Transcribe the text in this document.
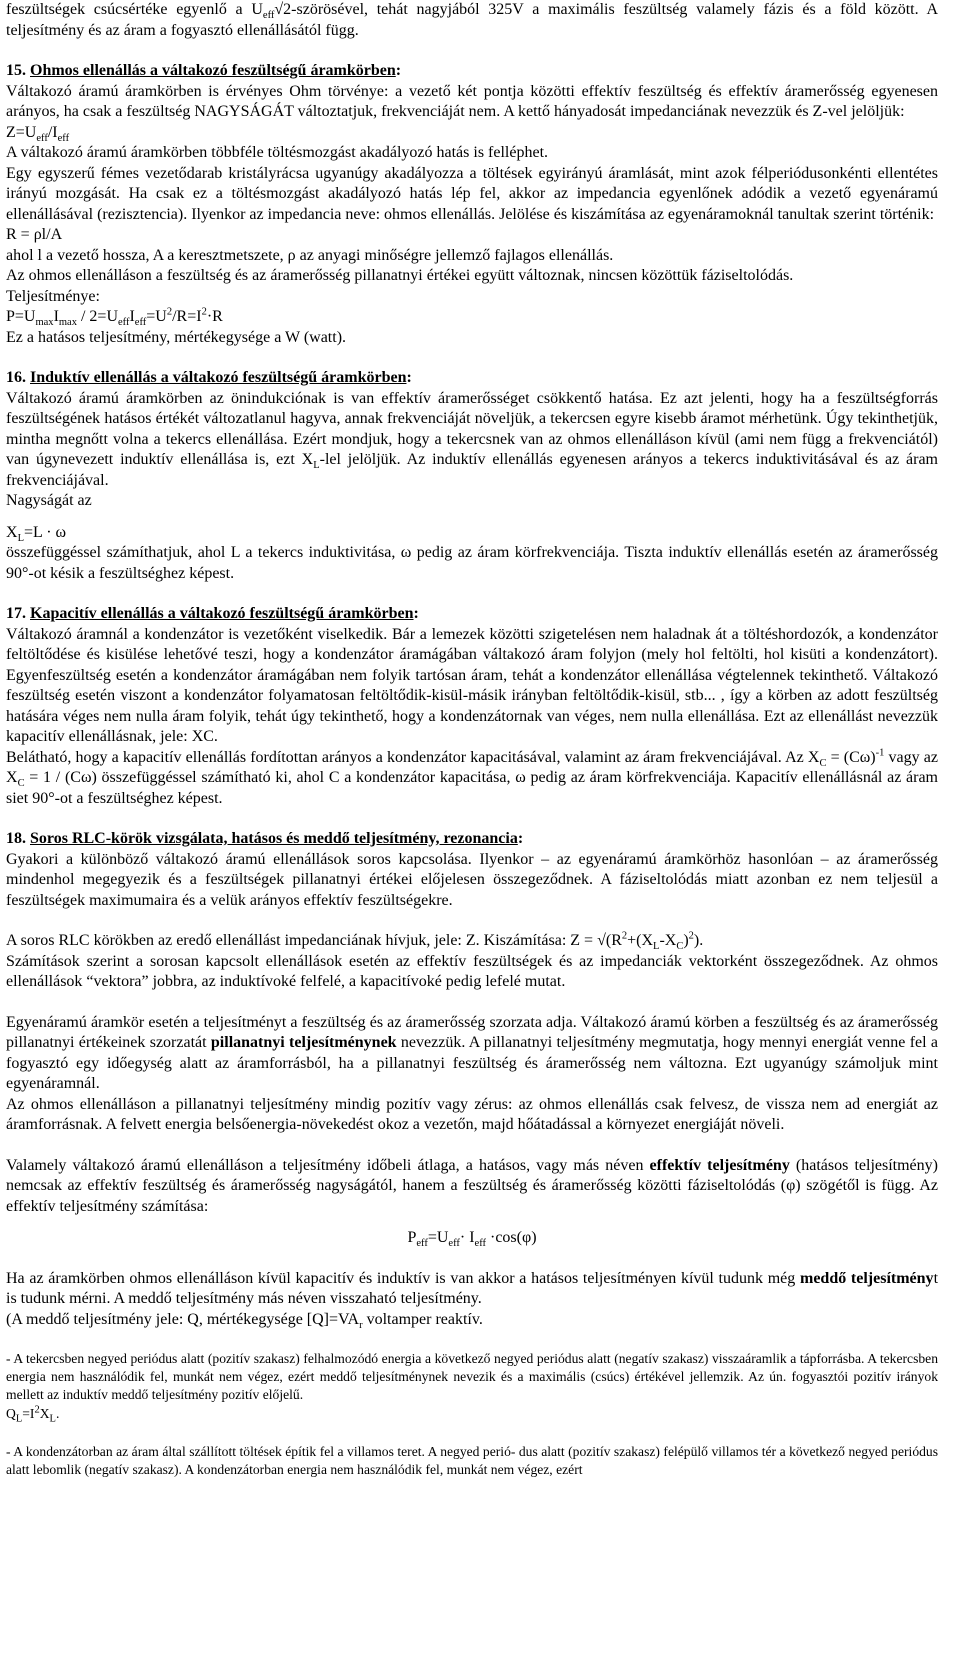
feszültségek csúcsértéke egyenlő a $U_{eff}√2$-szörösével, tehát nagyjából 325V a maximális feszültség valamely fázis és a föld között. A teljesítmény és az áram a fogyasztó ellenállásától függ.

15. Ohmos ellenállás a váltakozó feszültségű áramkörben:

Váltakozó áramú áramkörben is érvényes Ohm törvénye: a vezető két pontja közötti effektív feszültség és effektív áramerősség egyenesen arányos, ha csak a feszültség NAGYSÁGÁT változtatjuk, frekvenciáját nem. A kettő hányadosát impedanciának nevezzük és Z-vel jelöljük:

$Z=U_{eff}/I_{eff}$

A váltakozó áramú áramkörben többféle töltésmozgást akadályozó hatás is felléphet.

Egy egyszerű fémes vezetődarab kristályrácsa ugyanúgy akadályozza a töltések egyirányú áramlását, mint azok félperiódusonkénti ellentétes irányú mozgását. Ha csak ez a töltésmozgást akadályozó hatás lép fel, akkor az impedancia egyenlőnek adódik a vezető egyenáramú ellenállásával (rezisztencia). Ilyenkor az impedancia neve: ohmos ellenállás. Jelölése és kiszámítása az egyenáramoknál tanultak szerint történik:

R = ρl/A

ahol l a vezető hossza, A a keresztmetszete, ρ az anyagi minőségre jellemző fajlagos ellenállás.

Az ohmos ellenálláson a feszültség és az áramerősség pillanatnyi értékei együtt változnak, nincsen közöttük fáziseltolódás.

Teljesítménye:

$P=U_{max}I_{max} / 2=U_{eff}I_{eff}=U^2/R=I^2\cdot R$

Ez a hatásos teljesítmény, mértékegysége a W (watt).

16. Induktív ellenállás a váltakozó feszültségű áramkörben:

Váltakozó áramú áramkörben az önindukciónak is van effektív áramerősséget csökkentő hatása. Ez azt jelenti, hogy ha a feszültségforrás feszültségének hatásos értékét változatlanul hagyva, annak frekvenciáját növeljük, a tekercsen egyre kisebb áramot mérhetünk. Úgy tekinthetjük, mintha megnőtt volna a tekercs ellenállása. Ezért mondjuk, hogy a tekercsnek van az ohmos ellenálláson kívül (ami nem függ a frekvenciától) van úgynevezett induktív ellenállása is, ezt $X_L$-lel jelöljük. Az induktív ellenállás egyenesen arányos a tekercs induktivitásával és az áram frekvenciájával.

Nagyságát az

$X_L=L \cdot \omega$

összefüggéssel számíthatjuk, ahol L a tekercs induktivitása, ω pedig az áram körfrekvenciája. Tiszta induktív ellenállás esetén az áramerősség 90°-ot késik a feszültséghez képest.

17. Kapacitív ellenállás a váltakozó feszültségű áramkörben:

Váltakozó áramnál a kondenzátor is vezetőként viselkedik. Bár a lemezek közötti szigetelésen nem haladnak át a töltéshordozók, a kondenzátor feltöltődése és kisülése lehetővé teszi, hogy a kondenzátor áramágában váltakozó áram folyjon (mely hol feltölti, hol kisüti a kondenzátort). Egyenfeszültség esetén a kondenzátor áramágában nem folyik tartósan áram, tehát a kondenzátor ellenállása végtelennek tekinthető. Váltakozó feszültség esetén viszont a kondenzátor folyamatosan feltöltődik-kisül-másik irányban feltöltődik-kisül, stb... , így a körben az adott feszültség hatására véges nem nulla áram folyik, tehát úgy tekinthető, hogy a kondenzátornak van véges, nem nulla ellenállása. Ezt az ellenállást nevezzük kapacitív ellenállásnak, jele: XC.

Belátható, hogy a kapacitív ellenállás fordítottan arányos a kondenzátor kapacitásával, valamint az áram frekvenciájával. Az $X_C = (C\omega)^{-1}$ vagy az $X_C = 1 / (C\omega)$ összefüggéssel számítható ki, ahol C a kondenzátor kapacitása, ω pedig az áram körfrekvenciája. Kapacitív ellenállásnál az áram siet 90°-ot a feszültséghez képest.

18. Soros RLC-körök vizsgálata, hatásos és meddő teljesítmény, rezonancia:

Gyakori a különböző váltakozó áramú ellenállások soros kapcsolása. Ilyenkor – az egyenáramú áramkörhöz hasonlóan – az áramerősség mindenhol megegyezik és a feszültségek pillanatnyi értékei előjelesen összegeződnek. A fáziseltolódás miatt azonban ez nem teljesül a feszültségek maximumaira és a velük arányos effektív feszültségekre.

A soros RLC körökben az eredő ellenállást impedanciának hívjuk, jele: Z. Kiszámítása: $Z = √(R^2+(X_L-X_C)^2)$.

Számítások szerint a sorosan kapcsolt ellenállások esetén az effektív feszültségek és az impedanciák vektorként összegeződnek. Az ohmos ellenállások “vektora” jobbra, az induktívoké felfelé, a kapacitívoké pedig lefelé mutat.

Egyenáramú áramkör esetén a teljesítményt a feszültség és az áramerősség szorzata adja. Váltakozó áramú körben a feszültség és az áramerősség pillanatnyi értékeinek szorzatát pillanatnyi teljesítménynek nevezzük. A pillanatnyi teljesítmény megmutatja, hogy mennyi energiát venne fel a fogyasztó egy időegység alatt az áramforrásból, ha a pillanatnyi feszültség és áramerősség nem változna. Ezt ugyanúgy számoljuk mint egyenáramnál.

Az ohmos ellenálláson a pillanatnyi teljesítmény mindig pozitív vagy zérus: az ohmos ellenállás csak felvesz, de vissza nem ad energiát az áramforrásnak. A felvett energia belsőenergia-növekedést okoz a vezetőn, majd hőátadással a környezet energiáját növeli.

Valamely váltakozó áramú ellenálláson a teljesítmény időbeli átlaga, a hatásos, vagy más néven effektív teljesítmény (hatásos teljesítmény) nemcsak az effektív feszültség és áramerősség nagyságától, hanem a feszültség és áramerősség közötti fáziseltolódás (φ) szögétől is függ. Az effektív teljesítmény számítása:

$P_{eff}=U_{eff}\cdot I_{eff} \cdot\cos(\varphi)$

Ha az áramkörben ohmos ellenálláson kívül kapacitív és induktív is van akkor a hatásos teljesítményen kívül tudunk még meddő teljesítményt is tudunk mérni. A meddő teljesítmény más néven visszaható teljesítmény.

(A meddő teljesítmény jele: Q, mértékegysége $[Q]=VA_r$ voltamper reaktív.

- A tekercsben negyed periódus alatt (pozitív szakasz) felhalmozódó energia a következő negyed periódus alatt (negatív szakasz) visszaáramlik a tápforrásba. A tekercsben energia nem használódik fel, munkát nem végez, ezért meddő teljesítménynek nevezik és a maximális (csúcs) értékével jellemzik. Az ún. fogyasztói pozitív irányok mellett az induktív meddő teljesítmény pozitív előjelű.

$Q_L=I^2X_L$.

- A kondenzátorban az áram által szállított töltések építik fel a villamos teret. A negyed perió- dus alatt (pozitív szakasz) felépülő villamos tér a következő negyed periódus alatt lebomlik (negatív szakasz). A kondenzátorban energia nem használódik fel, munkát nem végez, ezért
